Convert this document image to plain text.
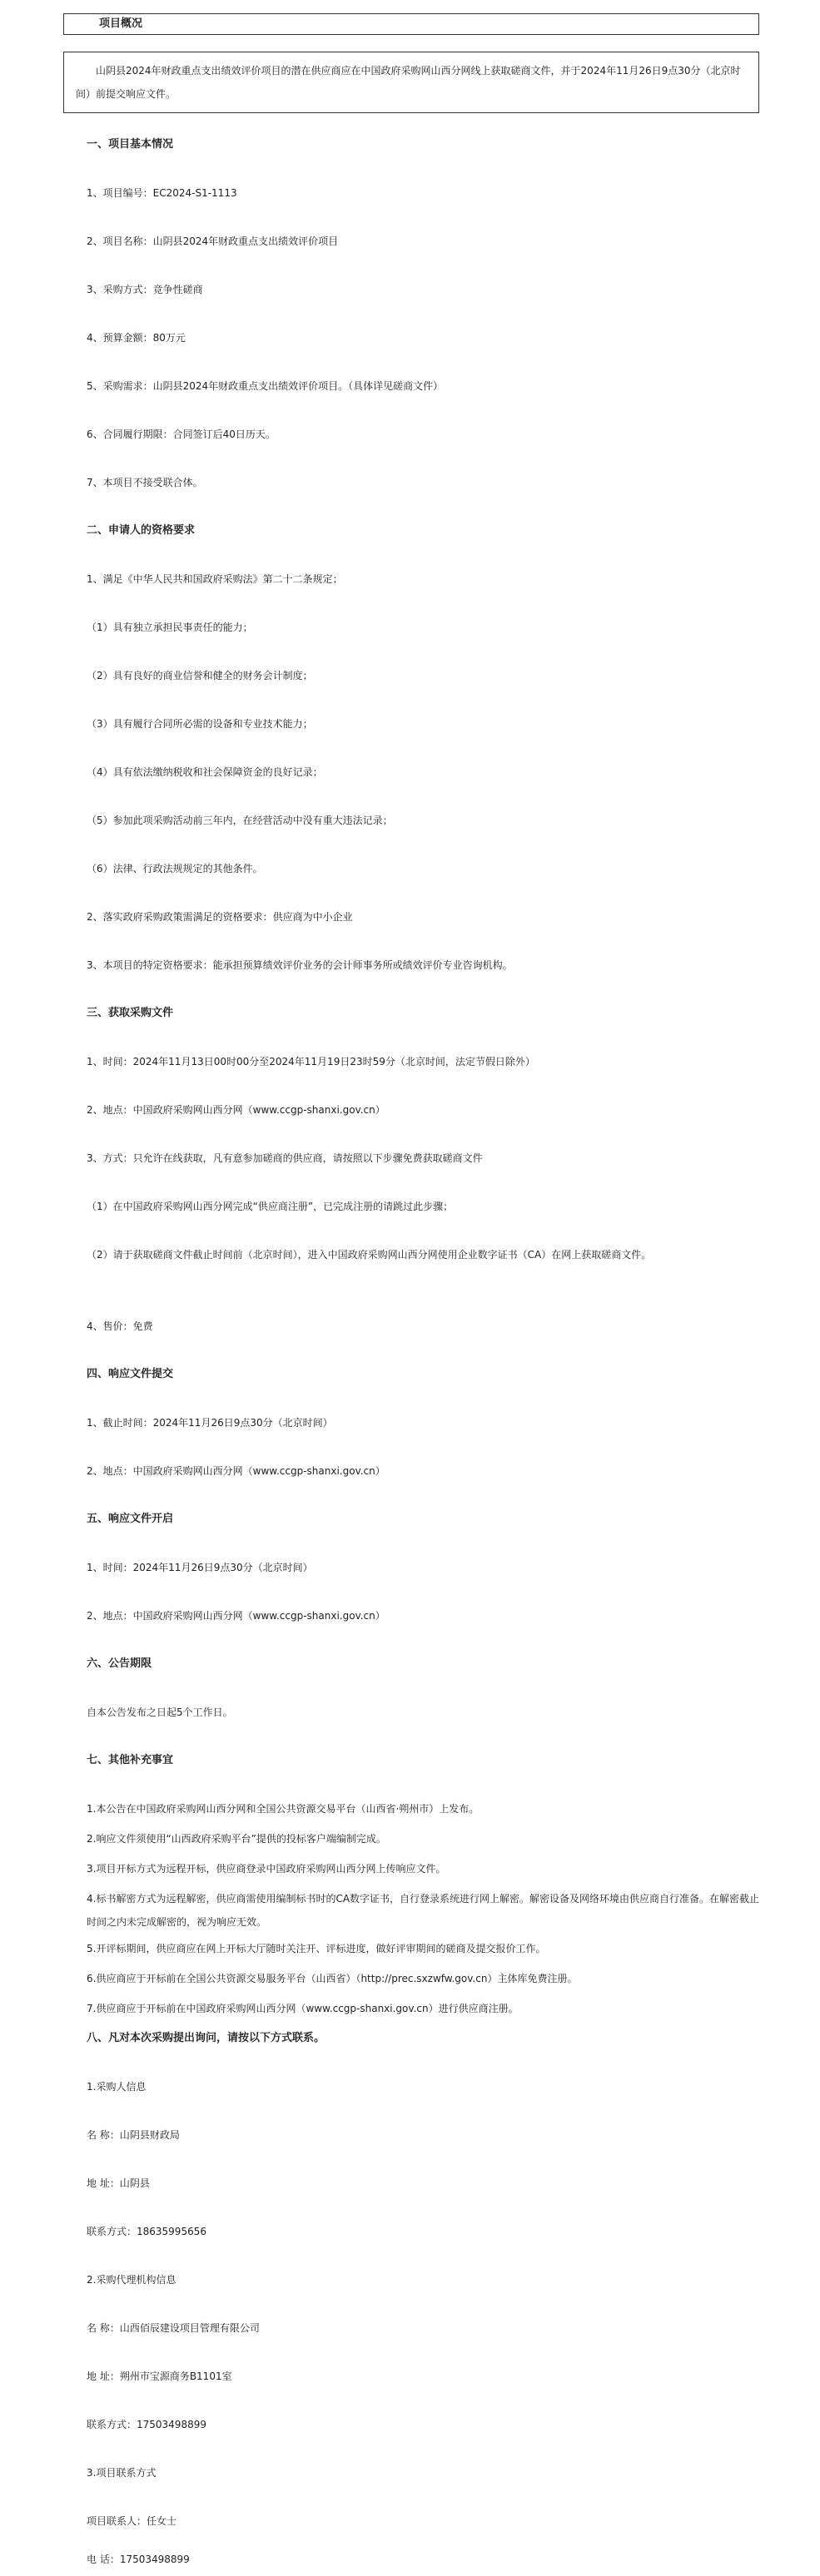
项目概况
山阴县2024年财政重点支出绩效评价项目的潜在供应商应在中国政府采购网山西分网线上获取磋商文件，并于2024年11月26日9点30分（北京时间）前提交响应文件。
一、项目基本情况
1、项目编号：EC2024-S1-1113
2、项目名称：山阴县2024年财政重点支出绩效评价项目
3、采购方式：竞争性磋商
4、预算金额：80万元
5、采购需求：山阴县2024年财政重点支出绩效评价项目。（具体详见磋商文件）
6、合同履行期限：合同签订后40日历天。
7、本项目不接受联合体。
二、申请人的资格要求
1、满足《中华人民共和国政府采购法》第二十二条规定；
（1）具有独立承担民事责任的能力；
（2）具有良好的商业信誉和健全的财务会计制度；
（3）具有履行合同所必需的设备和专业技术能力；
（4）具有依法缴纳税收和社会保障资金的良好记录；
（5）参加此项采购活动前三年内，在经营活动中没有重大违法记录；
（6）法律、行政法规规定的其他条件。
2、落实政府采购政策需满足的资格要求：供应商为中小企业
3、本项目的特定资格要求：能承担预算绩效评价业务的会计师事务所或绩效评价专业咨询机构。
三、获取采购文件
1、时间：2024年11月13日00时00分至2024年11月19日23时59分（北京时间，法定节假日除外）
2、地点：中国政府采购网山西分网（www.ccgp-shanxi.gov.cn）
3、方式：只允许在线获取，凡有意参加磋商的供应商，请按照以下步骤免费获取磋商文件
（1）在中国政府采购网山西分网完成“供应商注册”，已完成注册的请跳过此步骤；
（2）请于获取磋商文件截止时间前（北京时间），进入中国政府采购网山西分网使用企业数字证书（CA）在网上获取磋商文件。
4、售价：免费
四、响应文件提交
1、截止时间：2024年11月26日9点30分（北京时间）
2、地点：中国政府采购网山西分网（www.ccgp-shanxi.gov.cn）
五、响应文件开启
1、时间：2024年11月26日9点30分（北京时间）
2、地点：中国政府采购网山西分网（www.ccgp-shanxi.gov.cn）
六、公告期限
自本公告发布之日起5个工作日。
七、其他补充事宜
1.本公告在中国政府采购网山西分网和全国公共资源交易平台（山西省·朔州市）上发布。
2.响应文件须使用“山西政府采购平台”提供的投标客户端编制完成。
3.项目开标方式为远程开标，供应商登录中国政府采购网山西分网上传响应文件。
4.标书解密方式为远程解密，供应商需使用编制标书时的CA数字证书，自行登录系统进行网上解密。解密设备及网络环境由供应商自行准备。在解密截止时间之内未完成解密的，视为响应无效。
5.开评标期间，供应商应在网上开标大厅随时关注开、评标进度，做好评审期间的磋商及提交报价工作。
6.供应商应于开标前在全国公共资源交易服务平台（山西省）（http://prec.sxzwfw.gov.cn）主体库免费注册。
7.供应商应于开标前在中国政府采购网山西分网（www.ccgp-shanxi.gov.cn）进行供应商注册。
八、凡对本次采购提出询问，请按以下方式联系。
1.采购人信息
名 称：山阴县财政局
地 址：山阴县
联系方式：18635995656
2.采购代理机构信息
名 称：山西佰辰建设项目管理有限公司
地 址：朔州市宝源商务B1101室
联系方式：17503498899
3.项目联系方式
项目联系人：任女士
电 话：17503498899
